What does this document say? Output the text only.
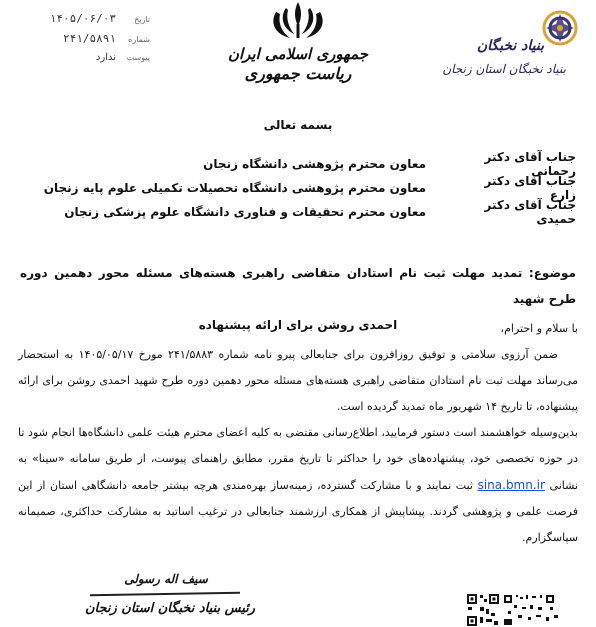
تاریخ
۱۴۰۵/۰۶/۰۳
شماره
۲۴۱/۵۸۹۱
پیوست
ندارد	جمهوری اسلامی ایران
ریاست جمهوری
بنیاد نخبگان
بنیاد نخبگان استان زنجان
بسمه تعالی
جناب آقای دکتر رحمانی
معاون محترم پژوهشی دانشگاه زنجان
جناب آقای دکتر زارع
معاون محترم پژوهشی دانشگاه تحصیلات تکمیلی علوم پایه زنجان
جناب آقای دکتر حمیدی
معاون محترم تحقیقات و فناوری دانشگاه علوم پزشکی زنجان
موضوع: تمدید مهلت ثبت نام استادان متقاضی راهبری هسته‌های مسئله محور دهمین دوره طرح شهید
احمدی روشن برای ارائه پیشنهاده	با سلام و احترام،

ضمن آرزوی سلامتی و توفیق روزافزون برای جنابعالی پیرو نامه شماره ۲۴۱/۵۸۸۳ مورخ ۱۴۰۵/۰۵/۱۷ به استحضار می‌رساند مهلت ثبت نام استادان متقاضی راهبری هسته‌های مسئله محور دهمین دوره طرح شهید احمدی روشن برای ارائه پیشنهاده، تا تاریخ ۱۴ شهریور ماه تمدید گردیده است.

بدین‌وسیله خواهشمند است دستور فرمایید، اطلاع‌رسانی مقتضی به کلیه اعضای محترم هیئت علمی دانشگاه‌ها انجام شود تا در حوزه تخصصی خود، پیشنهاده‌های خود را حداکثر تا تاریخ مقرر، مطابق راهنمای پیوست، از طریق سامانه «سینا» به نشانی sina.bmn.ir ثبت نمایند و با مشارکت گسترده، زمینه‌ساز بهره‌مندی هرچه بیشتر جامعه دانشگاهی استان از این فرصت علمی و پژوهشی گردند. پیشاپیش از همکاری ارزشمند جنابعالی در ترغیب اساتید به مشارکت حداکثری، صمیمانه سپاسگزارم.

سیف اله رسولی
رئیس بنیاد نخبگان استان زنجان
